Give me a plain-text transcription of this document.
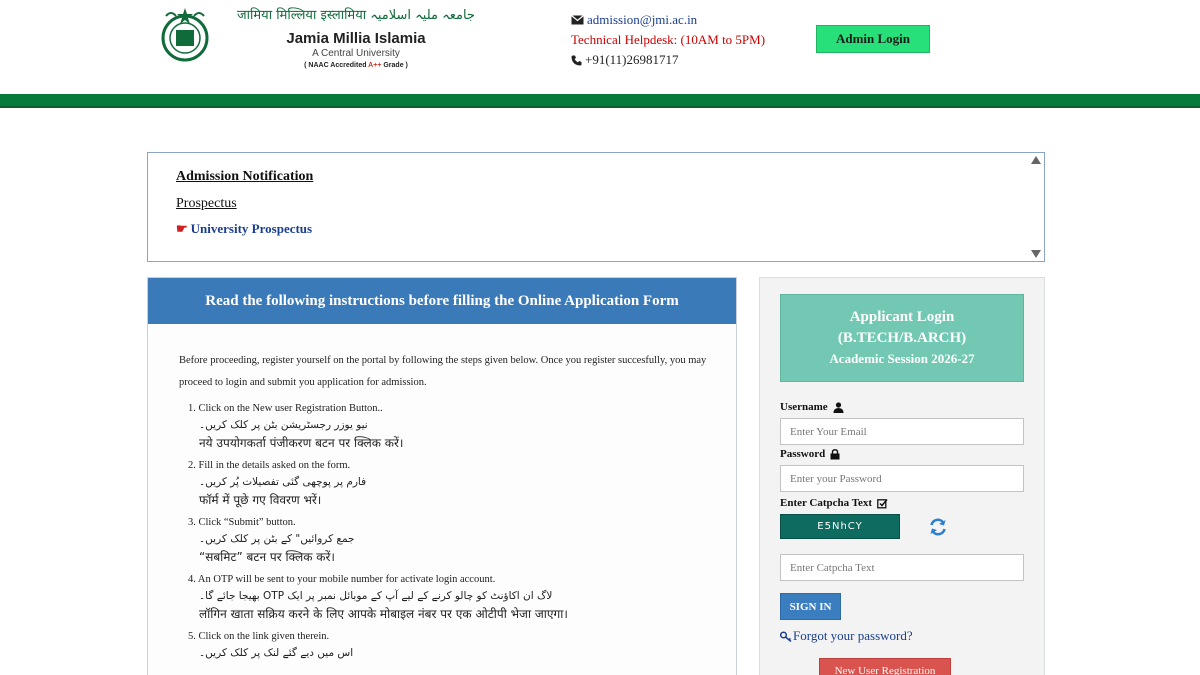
जामिया मिल्लिया इस्लामिया جامعہ ملیہ اسلامیہ
Jamia Millia Islamia
A Central University
( NAAC Accredited A++ Grade )
admission@jmi.ac.in
Technical Helpdesk: (10AM to 5PM)
+91(11)26981717
Admin Login
Admission Notification
Prospectus
☛ University Prospectus
Read the following instructions before filling the Online Application Form
Before proceeding, register yourself on the portal by following the steps given below. Once you register succesfully, you may proceed to login and submit you application for admission.
1. Click on the New user Registration Button..
نیو یوزر رجسٹریشن بٹن پر کلک کریں۔
नये उपयोगकर्ता पंजीकरण बटन पर क्लिक करें।
2. Fill in the details asked on the form.
فارم پر پوچھی گئی تفصیلات پُر کریں۔
फॉर्म में पूछे गए विवरण भरें।
3. Click “Submit” button.
جمع کروائیں" کے بٹن پر کلک کریں۔
“सबमिट” बटन पर क्लिक करें।
4. An OTP will be sent to your mobile number for activate login account.
لاگ ان اکاؤنٹ کو چالو کرنے کے لیے آپ کے موبائل نمبر پر ایک OTP بھیجا جائے گا۔
लॉगिन खाता सक्रिय करने के लिए आपके मोबाइल नंबर पर एक ओटीपी भेजा जाएगा।
5. Click on the link given therein.
اس میں دیے گئے لنک پر کلک کریں۔
Applicant Login
(B.TECH/B.ARCH)
Academic Session 2026-27
Username
Enter Your Email
Password
Enter Catpcha Text
E5NhCY
Enter Catpcha Text
SIGN IN
Forgot your password?
New User Registration
